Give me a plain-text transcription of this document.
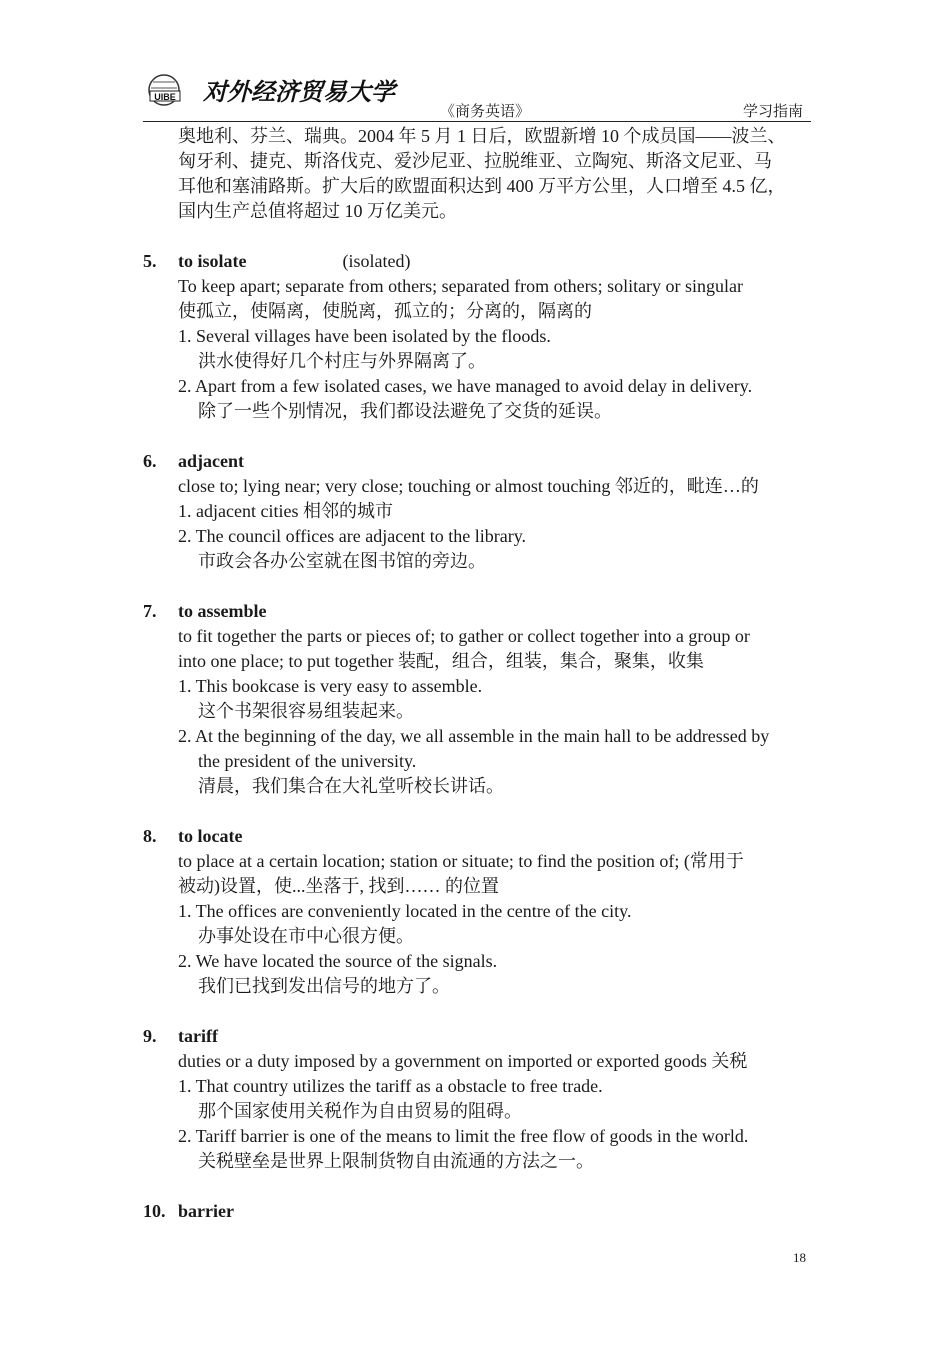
UIBE 对外经济贸易大学
《商务英语》	学习指南
奥地利、芬兰、瑞典。2004 年 5 月 1 日后，欧盟新增 10 个成员国——波兰、
匈牙利、捷克、斯洛伐克、爱沙尼亚、拉脱维亚、立陶宛、斯洛文尼亚、马
耳他和塞浦路斯。扩大后的欧盟面积达到 400 万平方公里，人口增至 4.5 亿，
国内生产总值将超过 10 万亿美元。
5.	to isolate	(isolated)
To keep apart; separate from others; separated from others; solitary or singular
使孤立，使隔离，使脱离，孤立的；分离的，隔离的
1. Several villages have been isolated by the floods.
洪水使得好几个村庄与外界隔离了。
2. Apart from a few isolated cases, we have managed to avoid delay in delivery.
除了一些个别情况，我们都设法避免了交货的延误。
6.	adjacent
close to; lying near; very close; touching or almost touching 邻近的，毗连…的
1. adjacent cities 相邻的城市
2. The council offices are adjacent to the library.
市政会各办公室就在图书馆的旁边。
7.	to assemble
to fit together the parts or pieces of; to gather or collect together into a group or
into one place; to put together 装配，组合，组装，集合，聚集，收集
1. This bookcase is very easy to assemble.
这个书架很容易组装起来。
2. At the beginning of the day, we all assemble in the main hall to be addressed by
the president of the university.
清晨，我们集合在大礼堂听校长讲话。
8.	to locate
to place at a certain location; station or situate; to find the position of; (常用于
被动)设置，使...坐落于, 找到…… 的位置
1. The offices are conveniently located in the centre of the city.
办事处设在市中心很方便。
2. We have located the source of the signals.
我们已找到发出信号的地方了。
9.	tariff
duties or a duty imposed by a government on imported or exported goods 关税
1. That country utilizes the tariff as a obstacle to free trade.
那个国家使用关税作为自由贸易的阻碍。
2. Tariff barrier is one of the means to limit the free flow of goods in the world.
关税壁垒是世界上限制货物自由流通的方法之一。
10. barrier
18
